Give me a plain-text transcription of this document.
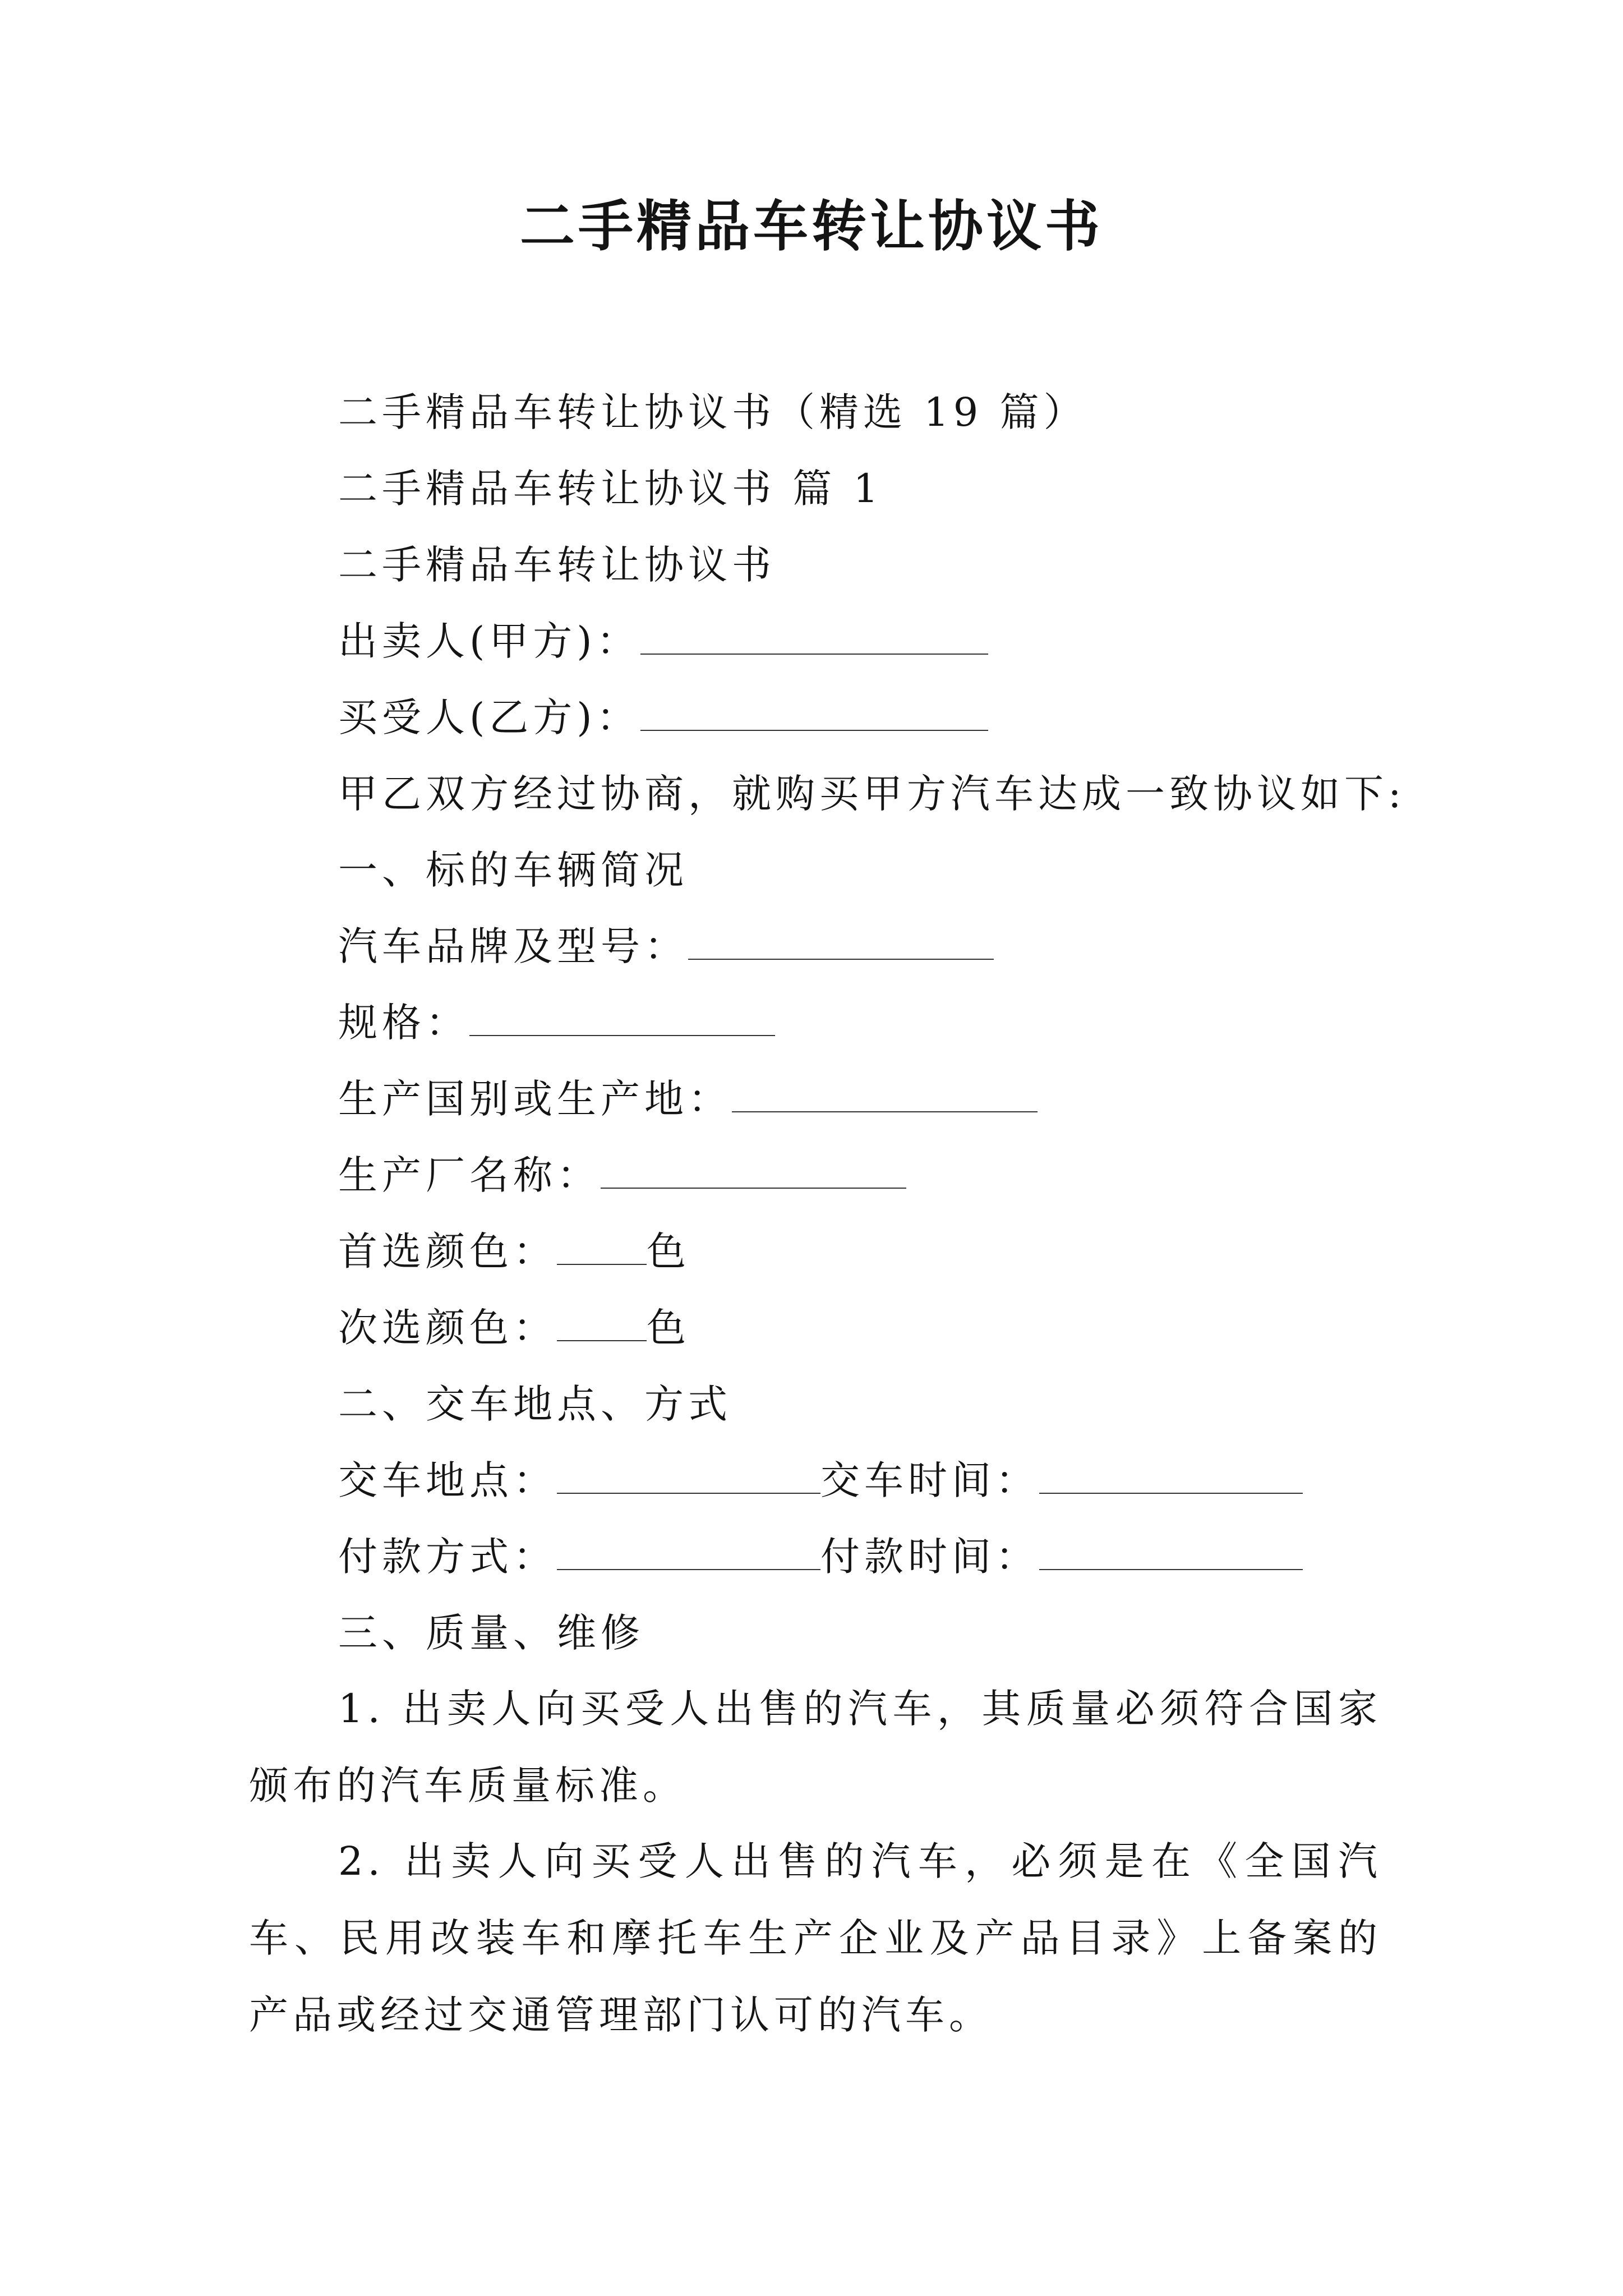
二手精品车转让协议书
二手精品车转让协议书（精选 19 篇）
二手精品车转让协议书 篇 1
二手精品车转让协议书
出卖人(甲方)：
买受人(乙方)：
甲乙双方经过协商，就购买甲方汽车达成一致协议如下:
一、标的车辆简况
汽车品牌及型号：
规格：
生产国别或生产地：
生产厂名称：
首选颜色： 色
次选颜色： 色
二、交车地点、方式
交车地点：	交车时间：
付款方式：	付款时间：
三、质量、维修
1. 出卖人向买受人出售的汽车，其质量必须符合国家颁布的汽车质量标准。
2. 出卖人向买受人出售的汽车，必须是在《全国汽车、民用改装车和摩托车生产企业及产品目录》上备案的产品或经过交通管理部门认可的汽车。
